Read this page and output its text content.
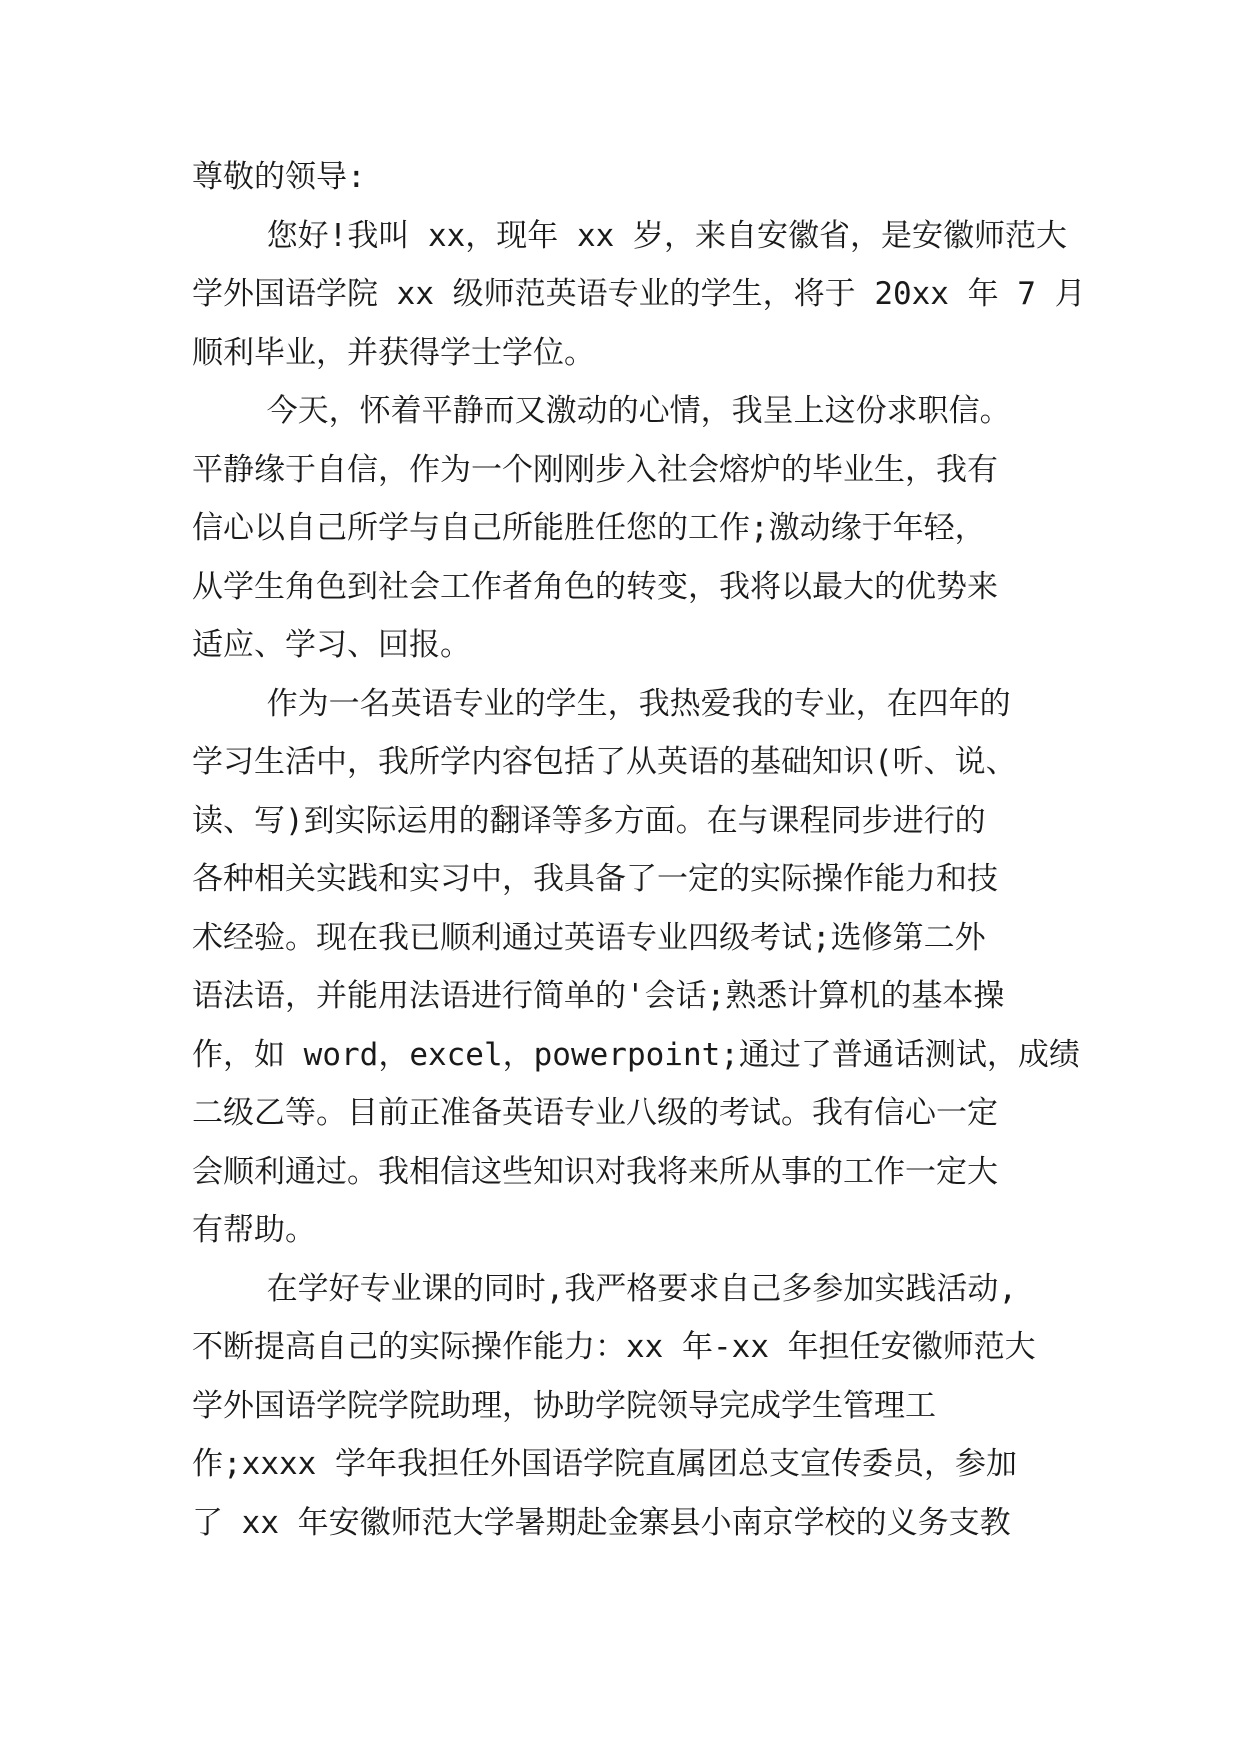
尊敬的领导:
您好!我叫 xx，现年 xx 岁，来自安徽省，是安徽师范大
学外国语学院 xx 级师范英语专业的学生，将于 20xx 年 7 月
顺利毕业，并获得学士学位。
今天，怀着平静而又激动的心情，我呈上这份求职信。
平静缘于自信，作为一个刚刚步入社会熔炉的毕业生，我有
信心以自己所学与自己所能胜任您的工作;激动缘于年轻，
从学生角色到社会工作者角色的转变，我将以最大的优势来
适应、学习、回报。
作为一名英语专业的学生，我热爱我的专业，在四年的
学习生活中，我所学内容包括了从英语的基础知识(听、说、
读、写)到实际运用的翻译等多方面。在与课程同步进行的
各种相关实践和实习中，我具备了一定的实际操作能力和技
术经验。现在我已顺利通过英语专业四级考试;选修第二外
语法语，并能用法语进行简单的'会话;熟悉计算机的基本操
作，如 word，excel，powerpoint;通过了普通话测试，成绩
二级乙等。目前正准备英语专业八级的考试。我有信心一定
会顺利通过。我相信这些知识对我将来所从事的工作一定大
有帮助。
在学好专业课的同时,我严格要求自己多参加实践活动,
不断提高自己的实际操作能力：xx 年-xx 年担任安徽师范大
学外国语学院学院助理，协助学院领导完成学生管理工
作;xxxx 学年我担任外国语学院直属团总支宣传委员，参加
了 xx 年安徽师范大学暑期赴金寨县小南京学校的义务支教
